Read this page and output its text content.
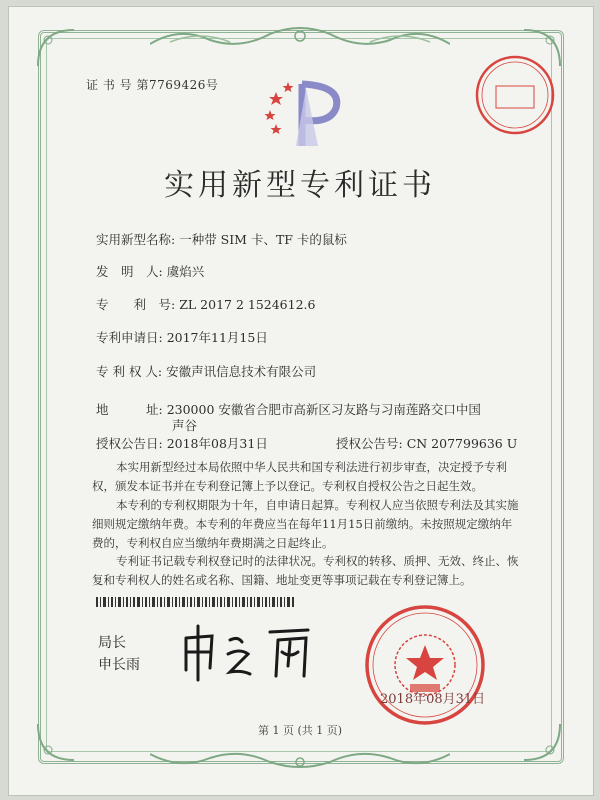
证 书 号 第7769426号
实用新型专利证书
实用新型名称: 一种带 SIM 卡、TF 卡的鼠标
发　明　人: 虞焰兴
专　　利　号: ZL 2017 2 1524612.6
专利申请日: 2017年11月15日
专 利 权 人: 安徽声讯信息技术有限公司
地　　　址: 230000 安徽省合肥市高新区习友路与习南莲路交口中国
声谷
授权公告日: 2018年08月31日	授权公告号: CN 207799636 U
本实用新型经过本局依照中华人民共和国专利法进行初步审查，决定授予专利权，颁发本证书并在专利登记簿上予以登记。专利权自授权公告之日起生效。
本专利的专利权期限为十年，自申请日起算。专利权人应当依照专利法及其实施细则规定缴纳年费。本专利的年费应当在每年11月15日前缴纳。未按照规定缴纳年费的，专利权自应当缴纳年费期满之日起终止。
专利证书记载专利权登记时的法律状况。专利权的转移、质押、无效、终止、恢复和专利权人的姓名或名称、国籍、地址变更等事项记载在专利登记簿上。
局长
申长雨
2018年08月31日
第 1 页 (共 1 页)
